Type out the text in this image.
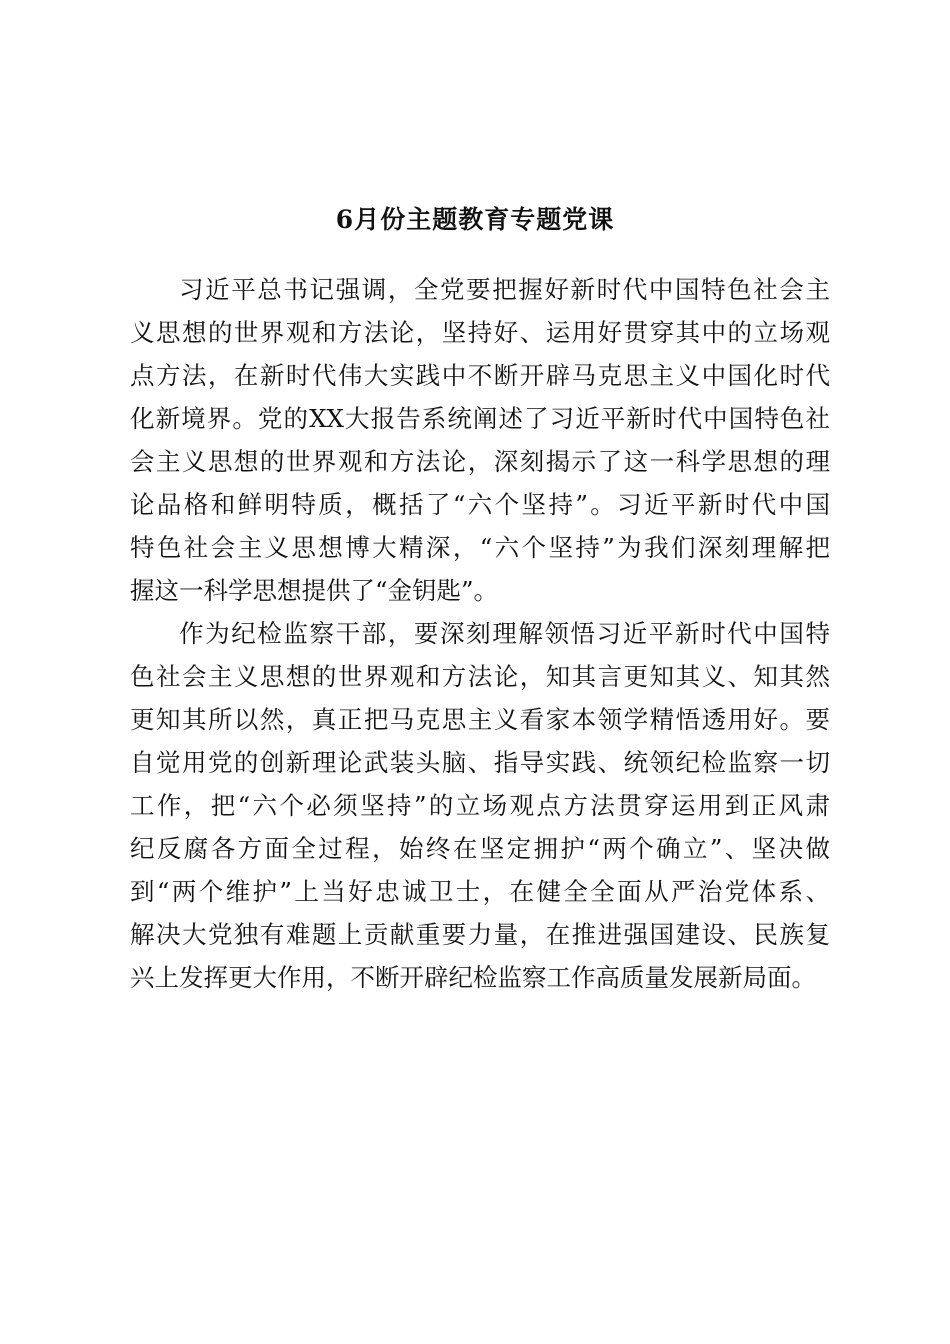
6月份主题教育专题党课
习近平总书记强调，全党要把握好新时代中国特色社会主
义思想的世界观和方法论，坚持好、运用好贯穿其中的立场观
点方法，在新时代伟大实践中不断开辟马克思主义中国化时代
化新境界。党的XX大报告系统阐述了习近平新时代中国特色社
会主义思想的世界观和方法论，深刻揭示了这一科学思想的理
论品格和鲜明特质，概括了“六个坚持”。习近平新时代中国
特色社会主义思想博大精深，“六个坚持”为我们深刻理解把
握这一科学思想提供了“金钥匙”。
作为纪检监察干部，要深刻理解领悟习近平新时代中国特
色社会主义思想的世界观和方法论，知其言更知其义、知其然
更知其所以然，真正把马克思主义看家本领学精悟透用好。要
自觉用党的创新理论武装头脑、指导实践、统领纪检监察一切
工作，把“六个必须坚持”的立场观点方法贯穿运用到正风肃
纪反腐各方面全过程，始终在坚定拥护“两个确立”、坚决做
到“两个维护”上当好忠诚卫士，在健全全面从严治党体系、
解决大党独有难题上贡献重要力量，在推进强国建设、民族复
兴上发挥更大作用，不断开辟纪检监察工作高质量发展新局面。
